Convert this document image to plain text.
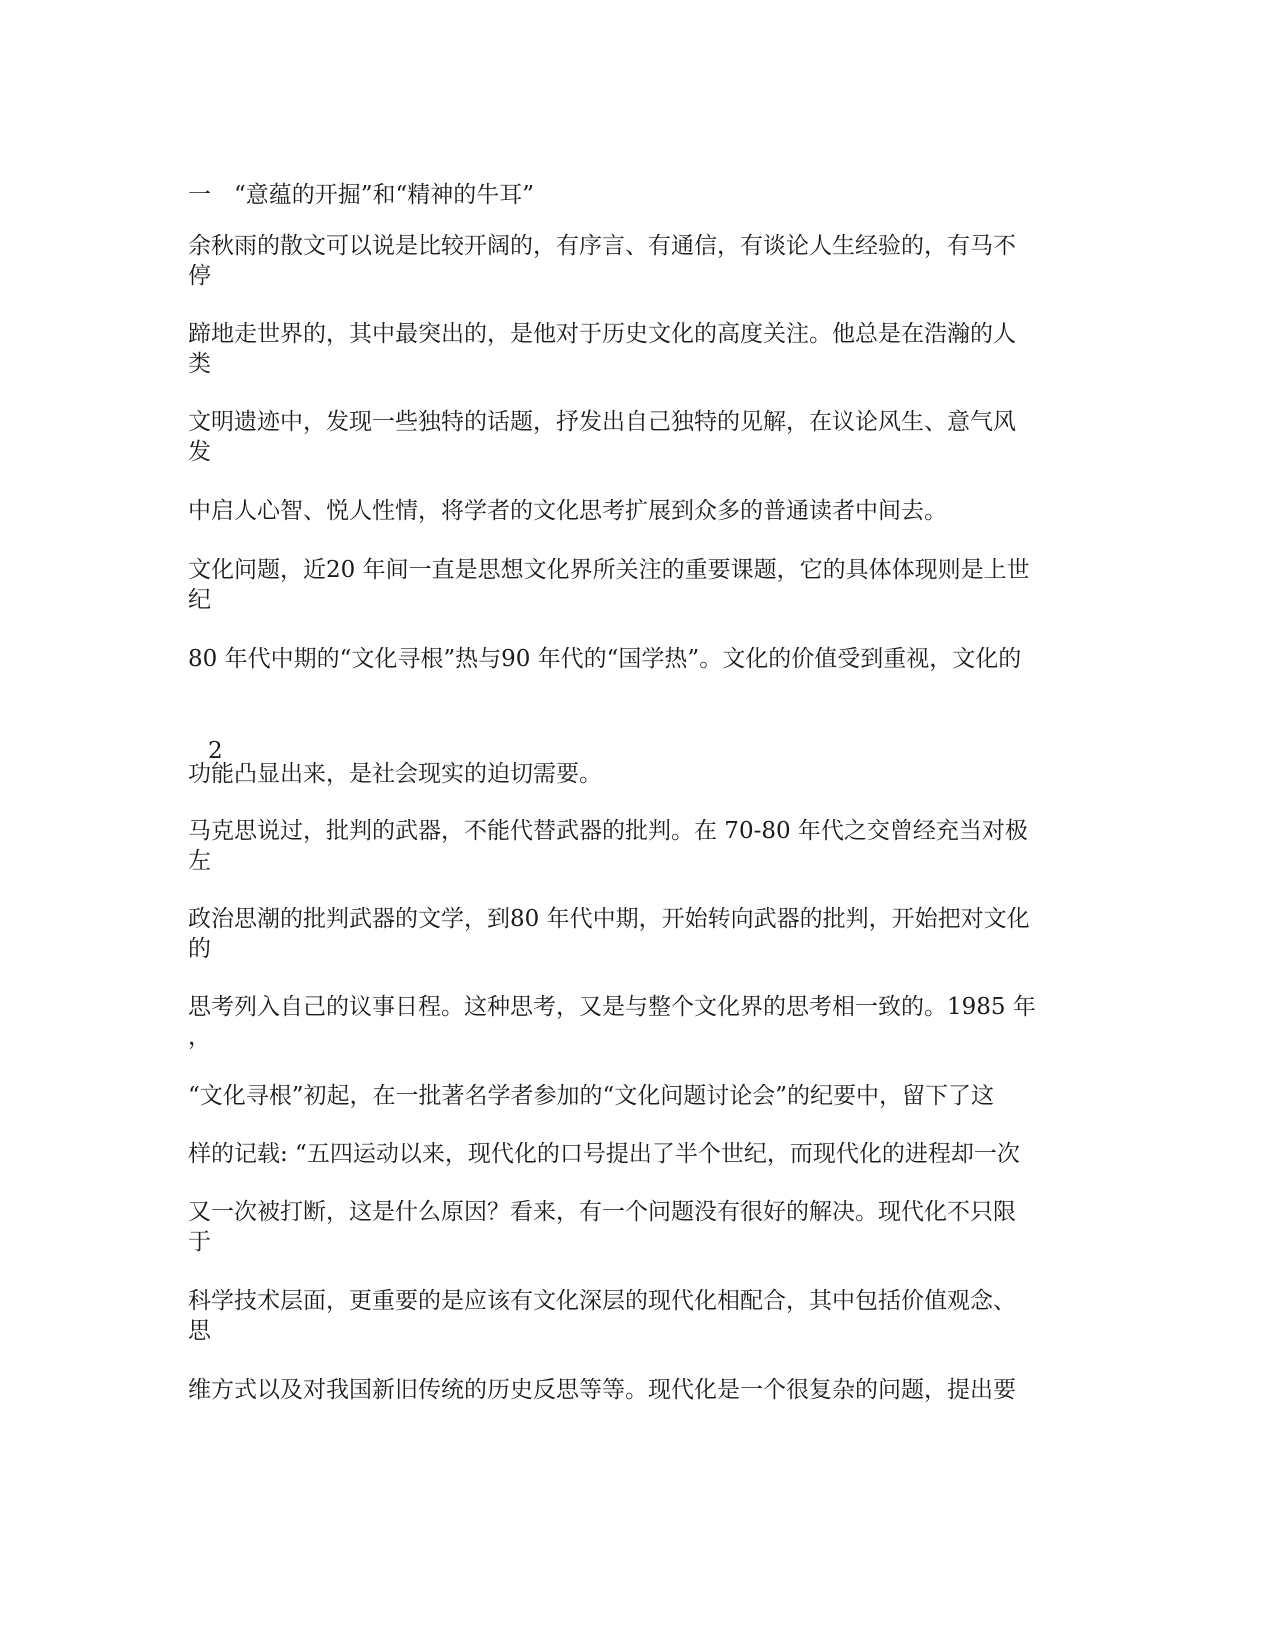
一　“意蕴的开掘”和“精神的牛耳”
余秋雨的散文可以说是比较开阔的，有序言、有通信，有谈论人生经验的，有马不
停
蹄地走世界的，其中最突出的，是他对于历史文化的高度关注。他总是在浩瀚的人
类
文明遗迹中，发现一些独特的话题，抒发出自己独特的见解，在议论风生、意气风
发
中启人心智、悦人性情，将学者的文化思考扩展到众多的普通读者中间去。
文化问题，近20 年间一直是思想文化界所关注的重要课题，它的具体体现则是上世
纪
80 年代中期的“文化寻根”热与90 年代的“国学热”。文化的价值受到重视，文化的
2
功能凸显出来，是社会现实的迫切需要。
马克思说过，批判的武器，不能代替武器的批判。在 70-80 年代之交曾经充当对极
左
政治思潮的批判武器的文学，到80 年代中期，开始转向武器的批判，开始把对文化
的
思考列入自己的议事日程。这种思考，又是与整个文化界的思考相一致的。1985 年
，
“文化寻根”初起，在一批著名学者参加的“文化问题讨论会”的纪要中，留下了这
样的记载: “五四运动以来，现代化的口号提出了半个世纪，而现代化的进程却一次
又一次被打断，这是什么原因？看来，有一个问题没有很好的解决。现代化不只限
于
科学技术层面，更重要的是应该有文化深层的现代化相配合，其中包括价值观念、
思
维方式以及对我国新旧传统的历史反思等等。现代化是一个很复杂的问题，提出要
